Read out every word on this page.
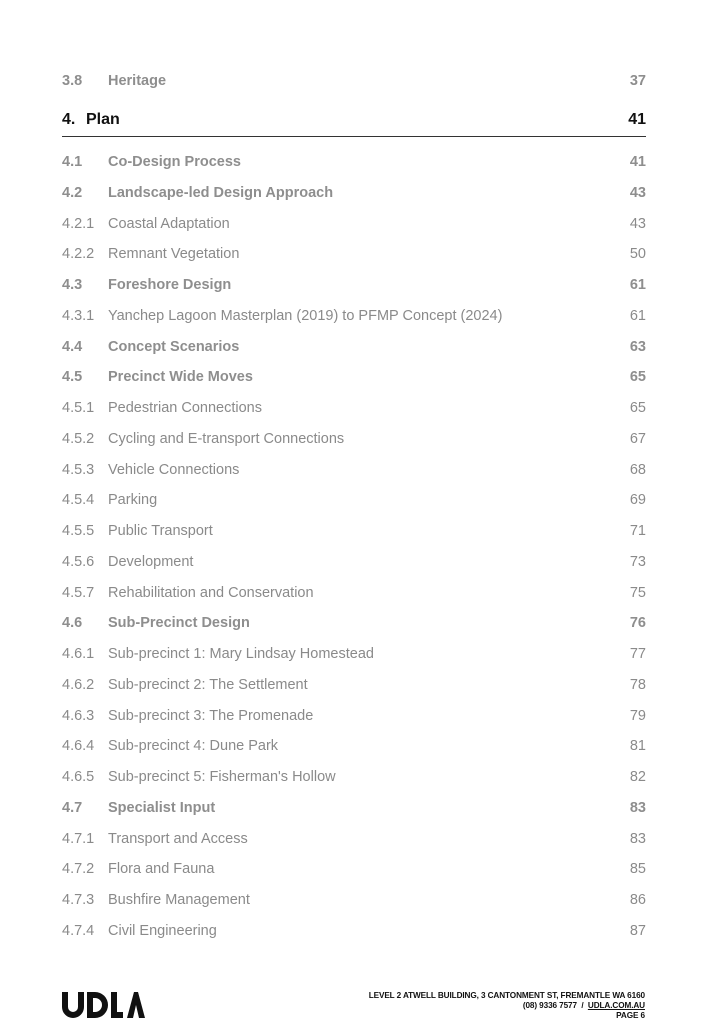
3.8	Heritage	37
4. Plan	41
4.1	Co-Design Process	41
4.2	Landscape-led Design Approach	43
4.2.1 Coastal Adaptation	43
4.2.2 Remnant Vegetation	50
4.3	Foreshore Design	61
4.3.1 Yanchep Lagoon Masterplan (2019) to PFMP Concept (2024)	61
4.4	Concept Scenarios	63
4.5	Precinct Wide Moves	65
4.5.1 Pedestrian Connections	65
4.5.2 Cycling and E-transport Connections	67
4.5.3 Vehicle Connections	68
4.5.4 Parking	69
4.5.5 Public Transport	71
4.5.6 Development	73
4.5.7 Rehabilitation and Conservation	75
4.6	Sub-Precinct Design	76
4.6.1 Sub-precinct 1: Mary Lindsay Homestead	77
4.6.2 Sub-precinct 2: The Settlement	78
4.6.3 Sub-precinct 3: The Promenade	79
4.6.4 Sub-precinct 4: Dune Park	81
4.6.5 Sub-precinct 5: Fisherman's Hollow	82
4.7	Specialist Input	83
4.7.1 Transport and Access	83
4.7.2 Flora and Fauna	85
4.7.3 Bushfire Management	86
4.7.4 Civil Engineering	87
LEVEL 2 ATWELL BUILDING, 3 CANTONMENT ST, FREMANTLE WA 6160
(08) 9336 7577 / UDLA.COM.AU
PAGE 6
